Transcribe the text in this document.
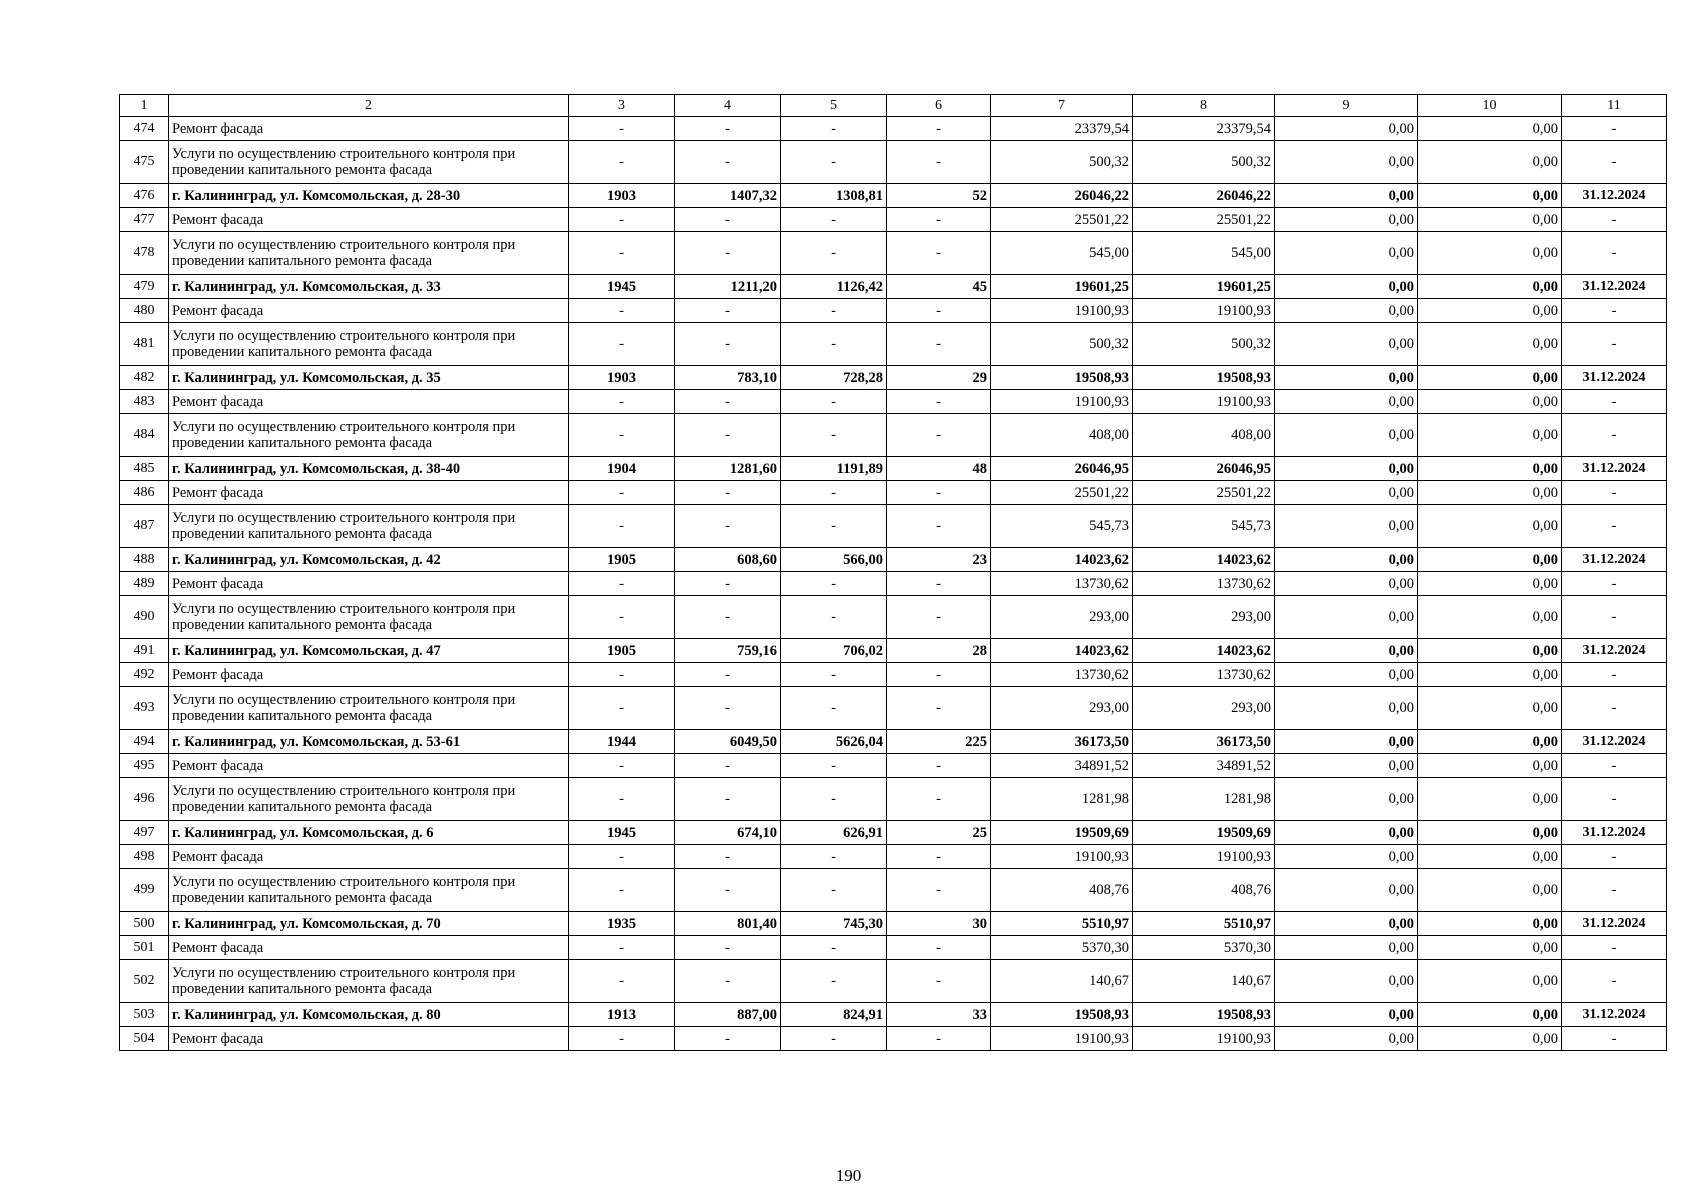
1	2	3	4	5	6	7	8	9	10	11
474	Ремонт фасада	-	-	-	-	23379,54	23379,54	0,00	0,00	-
475	Услуги по осуществлению строительного контроля при проведении капитального ремонта фасада	-	-	-	-	500,32	500,32	0,00	0,00	-
476	г. Калининград, ул. Комсомольская, д. 28-30	1903	1407,32	1308,81	52	26046,22	26046,22	0,00	0,00	31.12.2024
477	Ремонт фасада	-	-	-	-	25501,22	25501,22	0,00	0,00	-
478	Услуги по осуществлению строительного контроля при проведении капитального ремонта фасада	-	-	-	-	545,00	545,00	0,00	0,00	-
479	г. Калининград, ул. Комсомольская, д. 33	1945	1211,20	1126,42	45	19601,25	19601,25	0,00	0,00	31.12.2024
480	Ремонт фасада	-	-	-	-	19100,93	19100,93	0,00	0,00	-
481	Услуги по осуществлению строительного контроля при проведении капитального ремонта фасада	-	-	-	-	500,32	500,32	0,00	0,00	-
482	г. Калининград, ул. Комсомольская, д. 35	1903	783,10	728,28	29	19508,93	19508,93	0,00	0,00	31.12.2024
483	Ремонт фасада	-	-	-	-	19100,93	19100,93	0,00	0,00	-
484	Услуги по осуществлению строительного контроля при проведении капитального ремонта фасада	-	-	-	-	408,00	408,00	0,00	0,00	-
485	г. Калининград, ул. Комсомольская, д. 38-40	1904	1281,60	1191,89	48	26046,95	26046,95	0,00	0,00	31.12.2024
486	Ремонт фасада	-	-	-	-	25501,22	25501,22	0,00	0,00	-
487	Услуги по осуществлению строительного контроля при проведении капитального ремонта фасада	-	-	-	-	545,73	545,73	0,00	0,00	-
488	г. Калининград, ул. Комсомольская, д. 42	1905	608,60	566,00	23	14023,62	14023,62	0,00	0,00	31.12.2024
489	Ремонт фасада	-	-	-	-	13730,62	13730,62	0,00	0,00	-
490	Услуги по осуществлению строительного контроля при проведении капитального ремонта фасада	-	-	-	-	293,00	293,00	0,00	0,00	-
491	г. Калининград, ул. Комсомольская, д. 47	1905	759,16	706,02	28	14023,62	14023,62	0,00	0,00	31.12.2024
492	Ремонт фасада	-	-	-	-	13730,62	13730,62	0,00	0,00	-
493	Услуги по осуществлению строительного контроля при проведении капитального ремонта фасада	-	-	-	-	293,00	293,00	0,00	0,00	-
494	г. Калининград, ул. Комсомольская, д. 53-61	1944	6049,50	5626,04	225	36173,50	36173,50	0,00	0,00	31.12.2024
495	Ремонт фасада	-	-	-	-	34891,52	34891,52	0,00	0,00	-
496	Услуги по осуществлению строительного контроля при проведении капитального ремонта фасада	-	-	-	-	1281,98	1281,98	0,00	0,00	-
497	г. Калининград, ул. Комсомольская, д. 6	1945	674,10	626,91	25	19509,69	19509,69	0,00	0,00	31.12.2024
498	Ремонт фасада	-	-	-	-	19100,93	19100,93	0,00	0,00	-
499	Услуги по осуществлению строительного контроля при проведении капитального ремонта фасада	-	-	-	-	408,76	408,76	0,00	0,00	-
500	г. Калининград, ул. Комсомольская, д. 70	1935	801,40	745,30	30	5510,97	5510,97	0,00	0,00	31.12.2024
501	Ремонт фасада	-	-	-	-	5370,30	5370,30	0,00	0,00	-
502	Услуги по осуществлению строительного контроля при проведении капитального ремонта фасада	-	-	-	-	140,67	140,67	0,00	0,00	-
503	г. Калининград, ул. Комсомольская, д. 80	1913	887,00	824,91	33	19508,93	19508,93	0,00	0,00	31.12.2024
504	Ремонт фасада	-	-	-	-	19100,93	19100,93	0,00	0,00	-
190
